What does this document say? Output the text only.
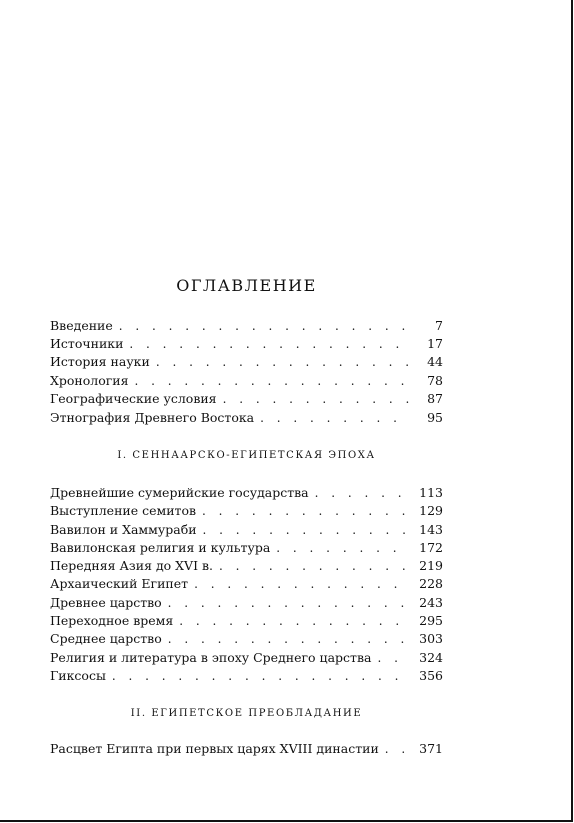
ОГЛАВЛЕНИЕ
Введение . . .	7
Источники . . .	17
История науки . . .	44
Хронология . . .	78
Географические условия . . .	87
Этнография Древнего Востока . . .	95
I. СЕННААРСКО-ЕГИПЕТСКАЯ ЭПОХА
Древнейшие сумерийские государства . . .	113
Выступление семитов . . .	129
Вавилон и Хаммураби . . .	143
Вавилонская религия и культура . . .	172
Передняя Азия до XVI в. . . .	219
Архаический Египет . . .	228
Древнее царство . . .	243
Переходное время . . .	295
Среднее царство . . .	303
Религия и литература в эпоху Среднего царства . . .	324
Гиксосы . . .	356
II. ЕГИПЕТСКОЕ ПРЕОБЛАДАНИЕ
Расцвет Египта при первых царях XVIII династии . . .	371
